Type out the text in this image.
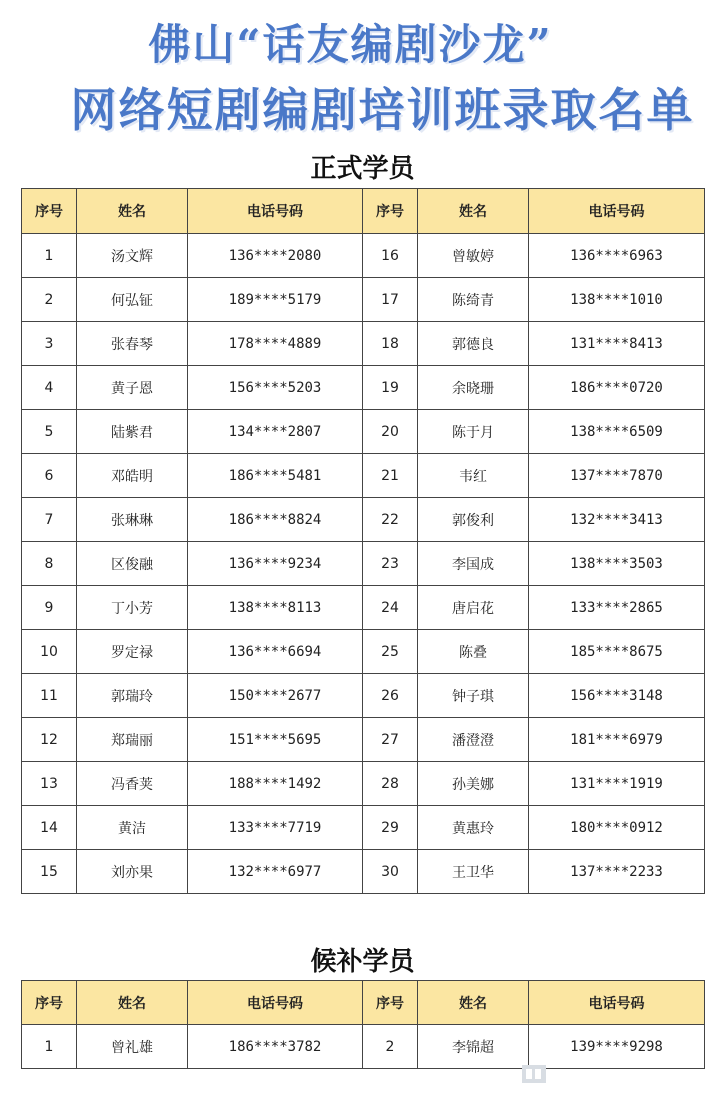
佛山“话友编剧沙龙”
网络短剧编剧培训班录取名单
正式学员
序号	姓名	电话号码	序号	姓名	电话号码
1	汤文辉	136****2080	16	曾敏婷	136****6963
2	何弘钲	189****5179	17	陈绮青	138****1010
3	张春琴	178****4889	18	郭德良	131****8413
4	黄子恩	156****5203	19	余晓珊	186****0720
5	陆紫君	134****2807	20	陈于月	138****6509
6	邓皓明	186****5481	21	韦红	137****7870
7	张琳琳	186****8824	22	郭俊利	132****3413
8	区俊融	136****9234	23	李国成	138****3503
9	丁小芳	138****8113	24	唐启花	133****2865
10	罗定禄	136****6694	25	陈叠	185****8675
11	郭瑞玲	150****2677	26	钟子琪	156****3148
12	郑瑞丽	151****5695	27	潘澄澄	181****6979
13	冯香荚	188****1492	28	孙美娜	131****1919
14	黄洁	133****7719	29	黄惠玲	180****0912
15	刘亦果	132****6977	30	王卫华	137****2233
候补学员
序号	姓名	电话号码	序号	姓名	电话号码
1	曾礼雄	186****3782	2	李锦超	139****9298
